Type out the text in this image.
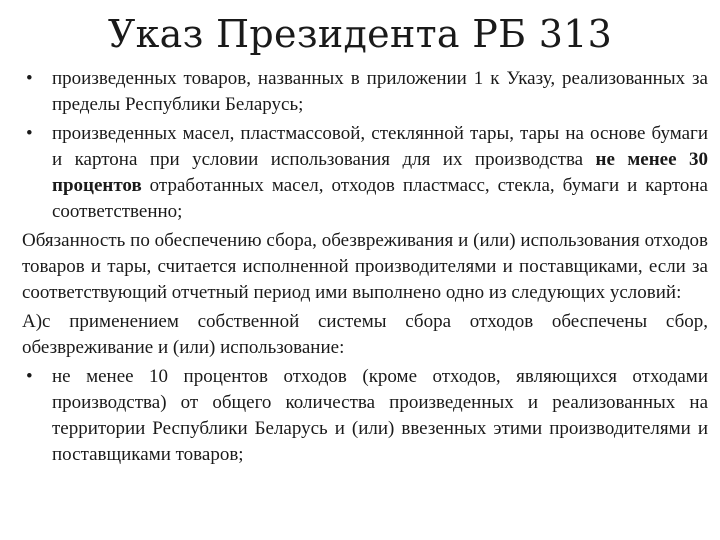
Указ Президента РБ 313
•	произведенных товаров, названных в приложении 1 к Указу, реализованных за пределы Республики Беларусь;
•	произведенных масел, пластмассовой, стеклянной тары, тары на основе бумаги и картона при условии использования для их производства не менее 30 процентов отработанных масел, отходов пластмасс, стекла, бумаги и картона соответственно;
Обязанность по обеспечению сбора, обезвреживания и (или) использования отходов товаров и тары, считается исполненной производителями и поставщиками, если за соответствующий отчетный период ими выполнено одно из следующих условий:
А)с применением собственной системы сбора отходов обеспечены сбор, обезвреживание и (или) использование:
•	не менее 10 процентов отходов (кроме отходов, являющихся отходами производства) от общего количества произведенных и реализованных на территории Республики Беларусь и (или) ввезенных этими производителями и поставщиками товаров;
